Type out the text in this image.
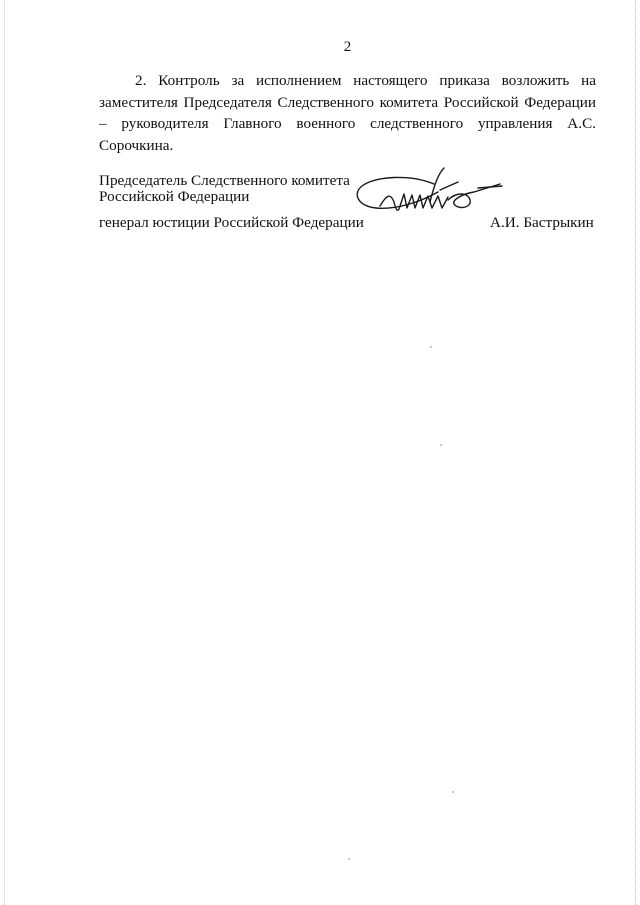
2

2. Контроль за исполнением настоящего приказа возложить на заместителя Председателя Следственного комитета Российской Федерации – руководителя Главного военного следственного управления А.С. Сорочкина.

Председатель Следственного комитета
Российской Федерации
генерал юстиции Российской Федерации	А.И. Бастрыкин
